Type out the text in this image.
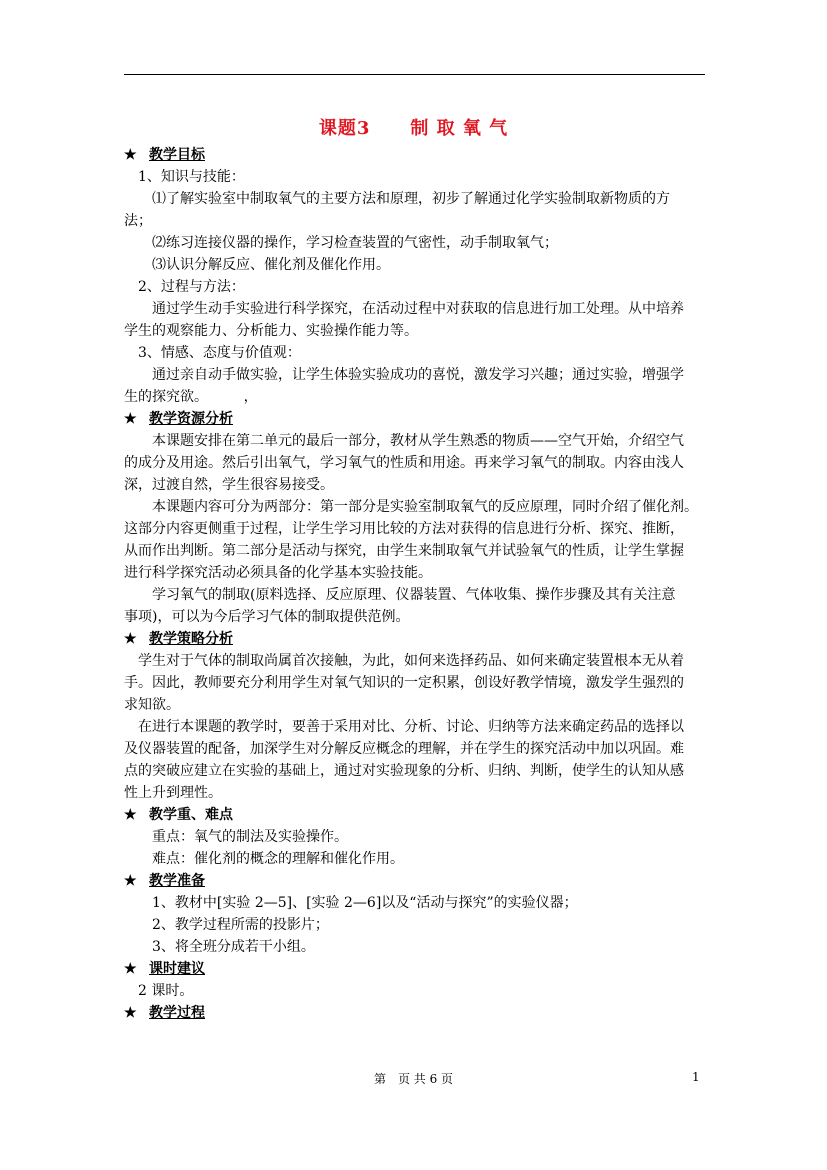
课题3 制 取 氧 气
★ 教学目标
1、知识与技能：
⑴了解实验室中制取氧气的主要方法和原理，初步了解通过化学实验制取新物质的方
法；
⑵练习连接仪器的操作，学习检查装置的气密性，动手制取氧气；
⑶认识分解反应、催化剂及催化作用。
2、过程与方法：
通过学生动手实验进行科学探究，在活动过程中对获取的信息进行加工处理。从中培养
学生的观察能力、分析能力、实验操作能力等。
3、情感、态度与价值观：
通过亲自动手做实验，让学生体验实验成功的喜悦，激发学习兴趣；通过实验，增强学
生的探究欲。        ，
★ 教学资源分析
本课题安排在第二单元的最后一部分，教材从学生熟悉的物质——空气开始，介绍空气
的成分及用途。然后引出氧气，学习氧气的性质和用途。再来学习氧气的制取。内容由浅人
深，过渡自然，学生很容易接受。
本课题内容可分为两部分：第一部分是实验室制取氧气的反应原理，同时介绍了催化剂。
这部分内容更侧重于过程，让学生学习用比较的方法对获得的信息进行分析、探究、推断，
从而作出判断。第二部分是活动与探究，由学生来制取氧气并试验氧气的性质，让学生掌握
进行科学探究活动必须具备的化学基本实验技能。
学习氧气的制取(原料选择、反应原理、仪器装置、气体收集、操作步骤及其有关注意
事项)，可以为今后学习气体的制取提供范例。
★ 教学策略分析
学生对于气体的制取尚属首次接触，为此，如何来选择药品、如何来确定装置根本无从着
手。因此，教师要充分利用学生对氧气知识的一定积累，创设好教学情境，激发学生强烈的
求知欲。
在进行本课题的教学时，要善于采用对比、分析、讨论、归纳等方法来确定药品的选择以
及仪器装置的配备，加深学生对分解反应概念的理解，并在学生的探究活动中加以巩固。难
点的突破应建立在实验的基础上，通过对实验现象的分析、归纳、判断，使学生的认知从感
性上升到理性。
★ 教学重、难点
重点：氧气的制法及实验操作。
难点：催化剂的概念的理解和催化作用。
★ 教学准备
1、教材中[实验 2—5]、[实验 2—6]以及“活动与探究”的实验仪器；
2、教学过程所需的投影片；
3、将全班分成若干小组。
★ 课时建议
2 课时。
★ 教学过程
第　页 共 6 页	1
